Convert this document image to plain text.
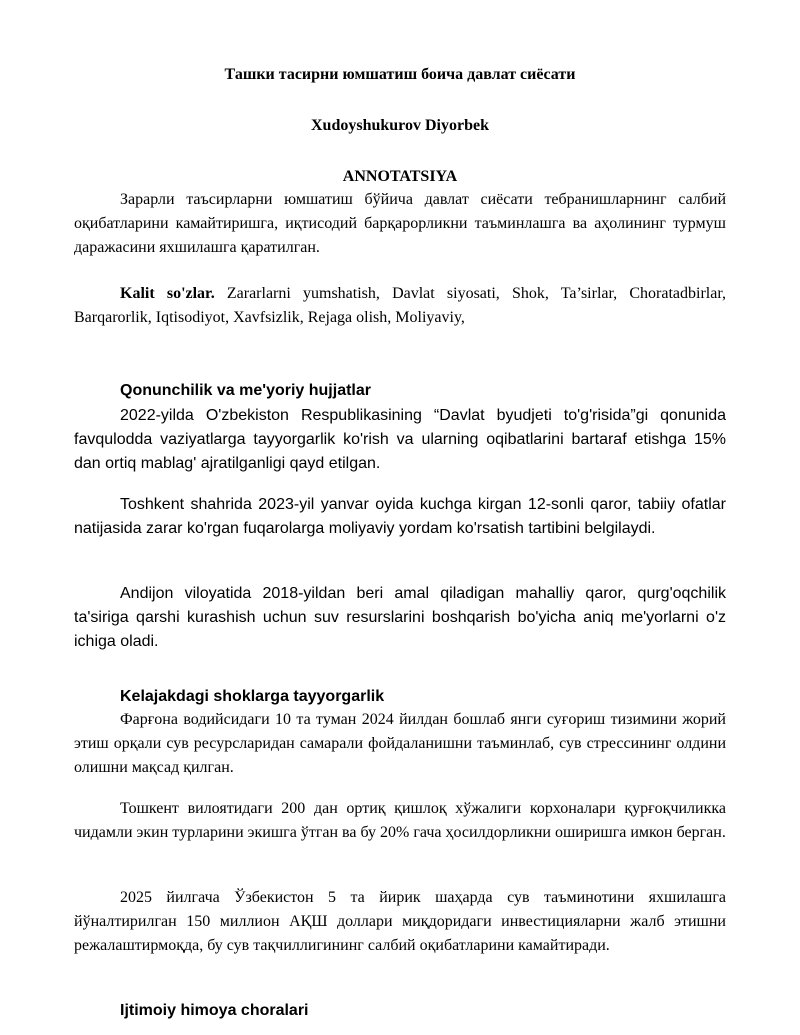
Ташки тасирни юмшатиш боича давлат сиёсати
Xudoyshukurov Diyorbek
ANNOTATSIYA
Зарарли таъсирларни юмшатиш бўйича давлат сиёсати тебранишларнинг салбий оқибатларини камайтиришга, иқтисодий барқарорликни таъминлашга ва аҳолининг турмуш даражасини яхшилашга қаратилган.
Kalit so'zlar. Zararlarni yumshatish, Davlat siyosati, Shok, Ta’sirlar, Choratadbirlar, Barqarorlik, Iqtisodiyot, Xavfsizlik, Rejaga olish, Moliyaviy,
Qonunchilik va me'yoriy hujjatlar
2022-yilda O'zbekiston Respublikasining “Davlat byudjeti to'g'risida”gi qonunida favqulodda vaziyatlarga tayyorgarlik ko'rish va ularning oqibatlarini bartaraf etishga 15% dan ortiq mablag' ajratilganligi qayd etilgan.
Toshkent shahrida 2023-yil yanvar oyida kuchga kirgan 12-sonli qaror, tabiiy ofatlar natijasida zarar ko'rgan fuqarolarga moliyaviy yordam ko'rsatish tartibini belgilaydi.
Andijon viloyatida 2018-yildan beri amal qiladigan mahalliy qaror, qurg'oqchilik ta'siriga qarshi kurashish uchun suv resurslarini boshqarish bo'yicha aniq me'yorlarni o'z ichiga oladi.
Kelajakdagi shoklarga tayyorgarlik
Фарғона водийсидаги 10 та туман 2024 йилдан бошлаб янги суғориш тизимини жорий этиш орқали сув ресурсларидан самарали фойдаланишни таъминлаб, сув стрессининг олдини олишни мақсад қилган.
Тошкент вилоятидаги 200 дан ортиқ қишлоқ хўжалиги корхоналари қурғоқчиликка чидамли экин турларини экишга ўтган ва бу 20% гача ҳосилдорликни оширишга имкон берган.
2025 йилгача Ўзбекистон 5 та йирик шаҳарда сув таъминотини яхшилашга йўналтирилган 150 миллион АҚШ доллари миқдоридаги инвестицияларни жалб этишни режалаштирмоқда, бу сув тақчиллигининг салбий оқибатларини камайтиради.
Ijtimoiy himoya choralari
